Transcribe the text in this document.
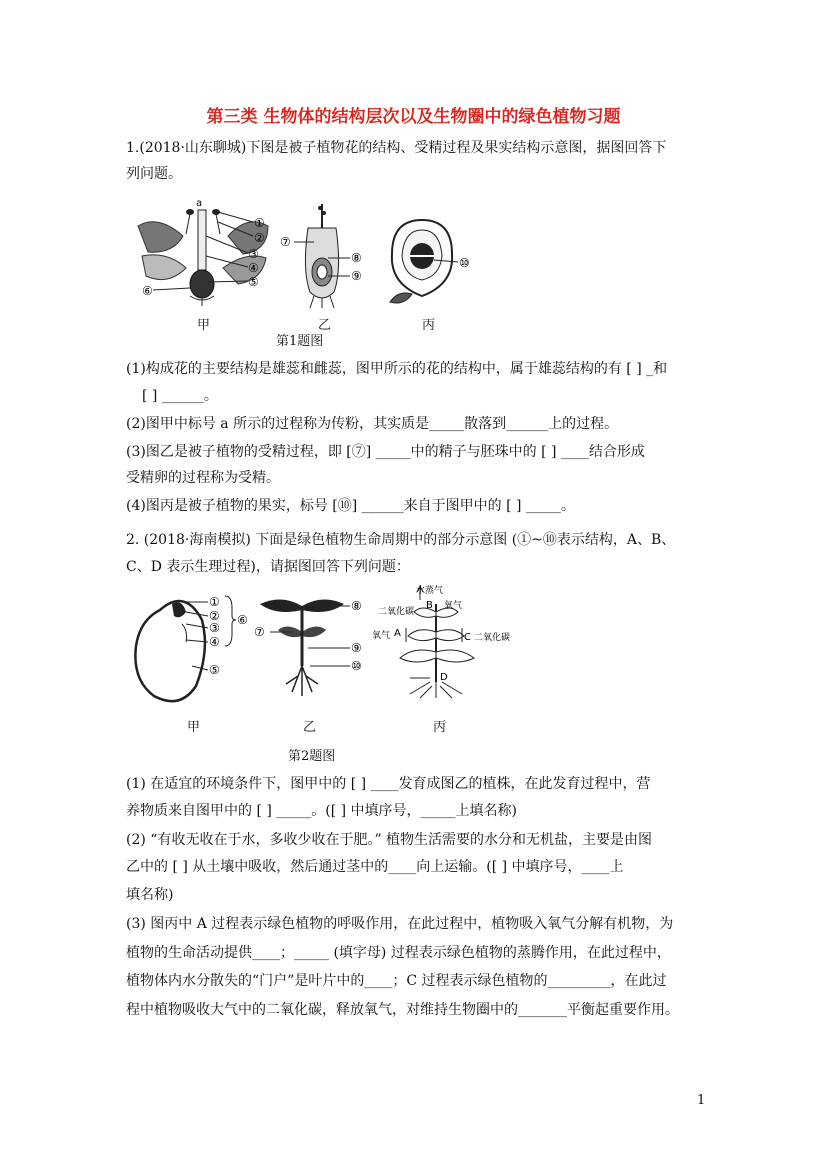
第三类 生物体的结构层次以及生物圈中的绿色植物习题
1.(2018·山东聊城)下图是被子植物花的结构、受精过程及果实结构示意图，据图回答下
列问题。
a
①
②
③
④
⑤
⑥
⑦
⑧
⑨
⑩
甲	乙	丙
第1题图
(1)构成花的主要结构是雄蕊和雌蕊，图甲所示的花的结构中，属于雄蕊结构的有 [ ] _和
[ ] ______。
(2)图甲中标号 a 所示的过程称为传粉，其实质是_____散落到______上的过程。
(3)图乙是被子植物的受精过程，即 [⑦] _____中的精子与胚珠中的 [ ] ____结合形成
受精卵的过程称为受精。
(4)图丙是被子植物的果实，标号 [⑩] ______来自于图甲中的 [ ] _____。
2. (2018·海南模拟) 下面是绿色植物生命周期中的部分示意图 (①~⑩表示结构，A、B、
C、D 表示生理过程)，请据图回答下列问题：
①
②
③
④
⑤
⑥
⑦
⑧
⑨
⑩
水蒸气
二氧化碳
B 氧气
氧气 A	C 二氧化碳
D
甲	乙	丙
第2题图
(1) 在适宜的环境条件下，图甲中的 [ ] ____发育成图乙的植株，在此发育过程中，营
养物质来自图甲中的 [ ] _____。([ ] 中填序号，_____上填名称)
(2) “有收无收在于水，多收少收在于肥。” 植物生活需要的水分和无机盐，主要是由图
乙中的 [ ] 从土壤中吸收，然后通过茎中的____向上运输。([ ] 中填序号，____上
填名称)
(3) 图丙中 A 过程表示绿色植物的呼吸作用，在此过程中，植物吸入氧气分解有机物，为
植物的生命活动提供____；_____ (填字母) 过程表示绿色植物的蒸腾作用，在此过程中，
植物体内水分散失的“门户”是叶片中的____；C 过程表示绿色植物的_________，在此过
程中植物吸收大气中的二氧化碳，释放氧气，对维持生物圈中的_______平衡起重要作用。
1
